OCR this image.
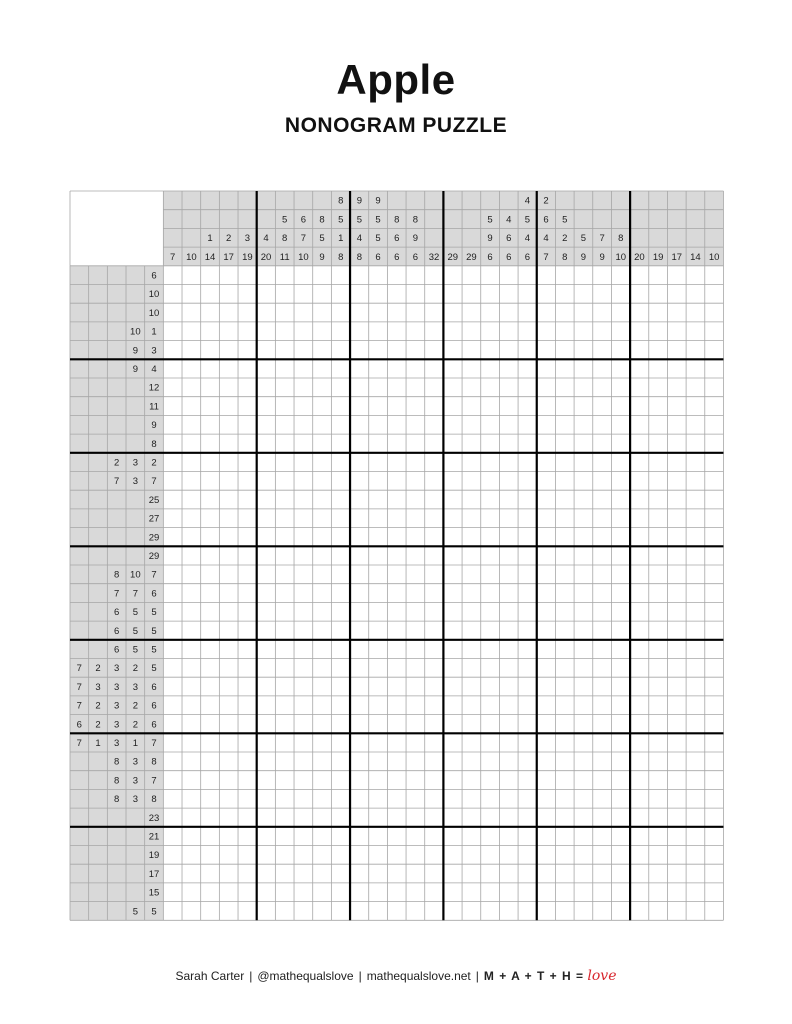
Apple
NONOGRAM PUZZLE
7 10
1
14
2
17
3
19
4
20
5
8
11
6
7
10
8
5
9
8
5
1
8
9
5
4
8
9
5
5
6
8
6
6
8
9
6 32 29 29
5
9
6
4
6
6
4
5
4
6
2
6
4
7
5
2
8
5
9
7
9
8
10 20 19 17 14 10
6
10
10
10 1
9 3
9 4
12
11
9
8
2 3 2
7 3 7
25
27
29
29
8 10 7
7 7 6
6 5 5
6 5 5
6 5 5
7 2 3 2 5
7 3 3 3 6
7 2 3 2 6
6 2 3 2 6
7 1 3 1 7
8 3 8
8 3 7
8 3 8
23
21
19
17
15
5 5
Sarah Carter | @mathequalslove | mathequalslove.net | M + A + T + H = love
